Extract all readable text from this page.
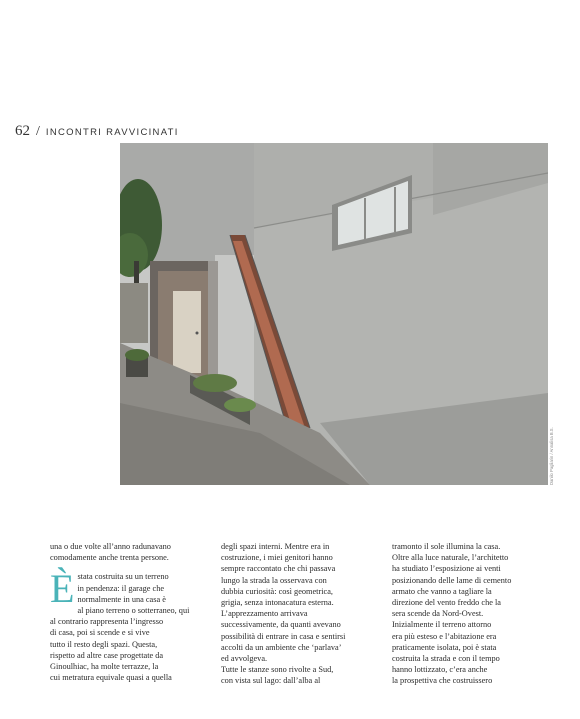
62 / INCONTRI RAVVICINATI
Danilo Pagliarin / Annalisa B.S.
una o due volte all’anno radunavano
comodamente anche trenta persone.
È stata costruita su un terreno
in pendenza: il garage che
normalmente in una casa è
al piano terreno o sotterraneo, qui
al contrario rappresenta l’ingresso
di casa, poi si scende e si vive
tutto il resto degli spazi. Questa,
rispetto ad altre case progettate da
Ginoulhiac, ha molte terrazze, la
cui metratura equivale quasi a quella
degli spazi interni. Mentre era in
costruzione, i miei genitori hanno
sempre raccontato che chi passava
lungo la strada la osservava con
dubbia curiosità: così geometrica,
grigia, senza intonacatura esterna.
L’apprezzamento arrivava
successivamente, da quanti avevano
possibilità di entrare in casa e sentirsi
accolti da un ambiente che ‘parlava’
ed avvolgeva.
Tutte le stanze sono rivolte a Sud,
con vista sul lago: dall’alba al
tramonto il sole illumina la casa.
Oltre alla luce naturale, l’architetto
ha studiato l’esposizione ai venti
posizionando delle lame di cemento
armato che vanno a tagliare la
direzione del vento freddo che la
sera scende da Nord-Ovest.
Inizialmente il terreno attorno
era più esteso e l’abitazione era
praticamente isolata, poi è stata
costruita la strada e con il tempo
hanno lottizzato, c’era anche
la prospettiva che costruissero
